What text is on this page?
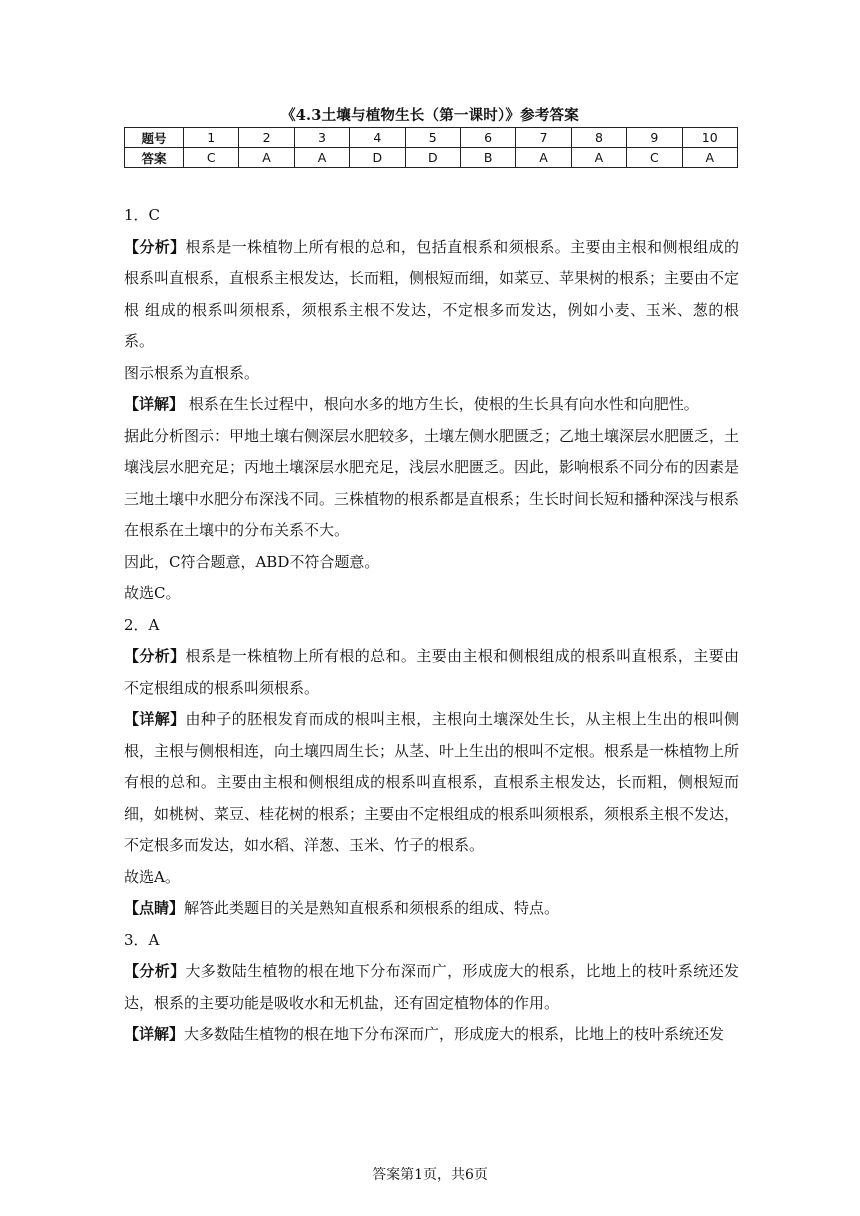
《4.3土壤与植物生长（第一课时）》参考答案
题号	1	2	3	4	5	6	7	8	9	10
答案	C	A	A	D	D	B	A	A	C	A

1．C

【分析】根系是一株植物上所有根的总和，包括直根系和须根系。主要由主根和侧根组成的根系叫直根系，直根系主根发达，长而粗，侧根短而细，如菜豆、苹果树的根系；主要由不定根 组成的根系叫须根系，须根系主根不发达，不定根多而发达，例如小麦、玉米、葱的根系。

图示根系为直根系。

【详解】 根系在生长过程中，根向水多的地方生长，使根的生长具有向水性和向肥性。

据此分析图示：甲地土壤右侧深层水肥较多，土壤左侧水肥匮乏；乙地土壤深层水肥匮乏，土壤浅层水肥充足；丙地土壤深层水肥充足，浅层水肥匮乏。因此，影响根系不同分布的因素是三地土壤中水肥分布深浅不同。三株植物的根系都是直根系；生长时间长短和播种深浅与根系在根系在土壤中的分布关系不大。

因此，C符合题意，ABD不符合题意。

故选C。

2．A

【分析】根系是一株植物上所有根的总和。主要由主根和侧根组成的根系叫直根系，主要由不定根组成的根系叫须根系。

【详解】由种子的胚根发育而成的根叫主根，主根向土壤深处生长，从主根上生出的根叫侧根，主根与侧根相连，向土壤四周生长；从茎、叶上生出的根叫不定根。根系是一株植物上所有根的总和。主要由主根和侧根组成的根系叫直根系，直根系主根发达，长而粗，侧根短而细，如桃树、菜豆、桂花树的根系；主要由不定根组成的根系叫须根系，须根系主根不发达，不定根多而发达，如水稻、洋葱、玉米、竹子的根系。

故选A。

【点睛】解答此类题目的关是熟知直根系和须根系的组成、特点。

3．A

【分析】大多数陆生植物的根在地下分布深而广，形成庞大的根系，比地上的枝叶系统还发达，根系的主要功能是吸收水和无机盐，还有固定植物体的作用。

【详解】大多数陆生植物的根在地下分布深而广，形成庞大的根系，比地上的枝叶系统还发

答案第1页，共6页
